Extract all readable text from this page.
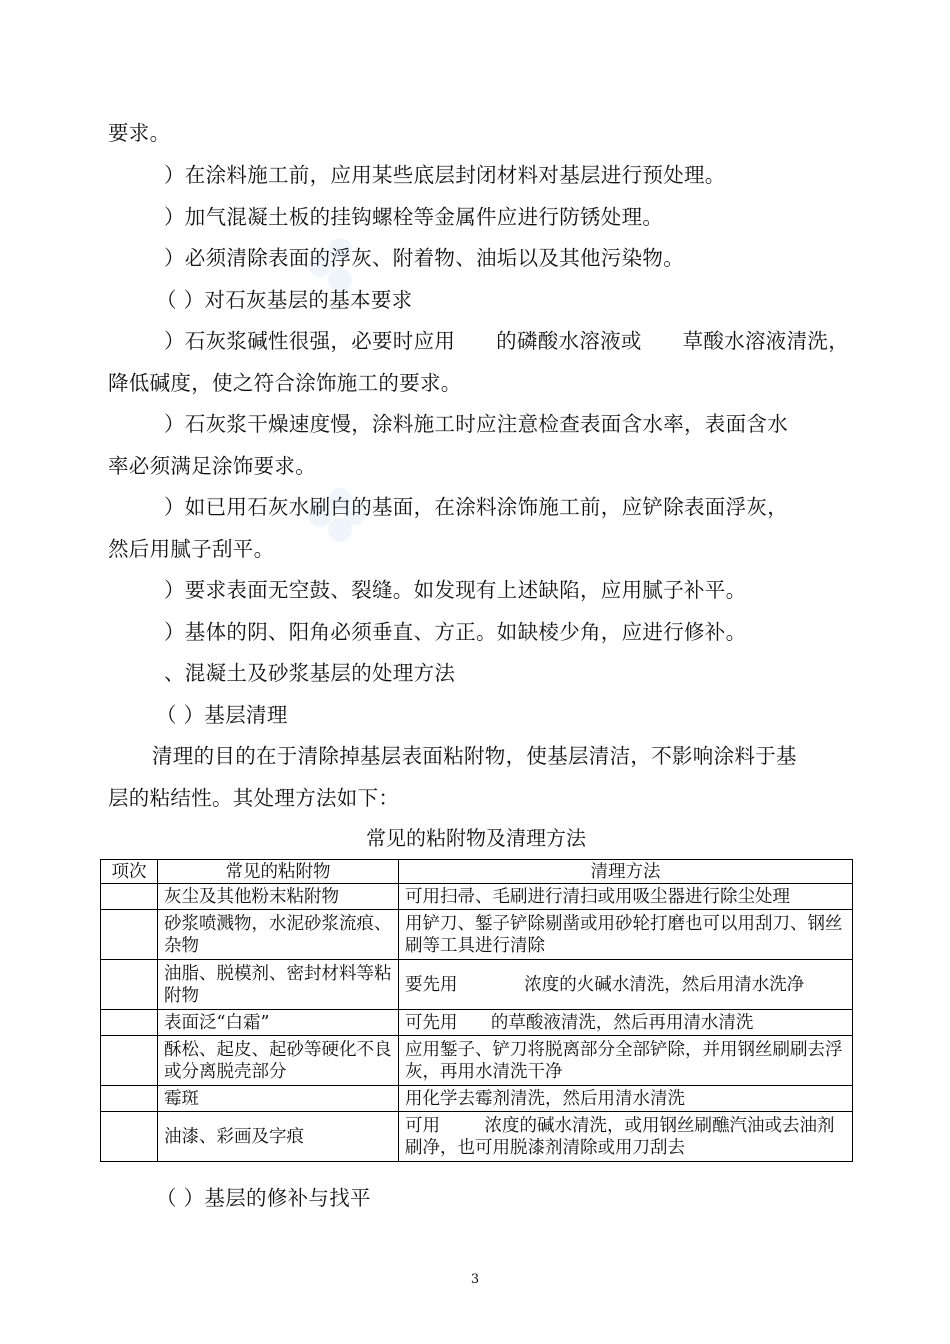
要求。
）在涂料施工前，应用某些底层封闭材料对基层进行预处理。
）加气混凝土板的挂钩螺栓等金属件应进行防锈处理。
）必须清除表面的浮灰、附着物、油垢以及其他污染物。
（ ）对石灰基层的基本要求
）石灰浆碱性很强，必要时应用      的磷酸水溶液或      草酸水溶液清洗，
降低碱度，使之符合涂饰施工的要求。
）石灰浆干燥速度慢，涂料施工时应注意检查表面含水率，表面含水
率必须满足涂饰要求。
）如已用石灰水刷白的基面，在涂料涂饰施工前，应铲除表面浮灰，
然后用腻子刮平。
）要求表面无空鼓、裂缝。如发现有上述缺陷，应用腻子补平。
）基体的阴、阳角必须垂直、方正。如缺棱少角，应进行修补。
、混凝土及砂浆基层的处理方法
（ ）基层清理
清理的目的在于清除掉基层表面粘附物，使基层清洁，不影响涂料于基
层的粘结性。其处理方法如下：
常见的粘附物及清理方法
项次	常见的粘附物	清理方法
	灰尘及其他粉末粘附物	可用扫帚、毛刷进行清扫或用吸尘器进行除尘处理
	砂浆喷溅物，水泥砂浆流痕、杂物	用铲刀、錾子铲除剔凿或用砂轮打磨也可以用刮刀、钢丝刷等工具进行清除
	油脂、脱模剂、密封材料等粘附物	要先用            浓度的火碱水清洗，然后用清水洗净
	表面泛“白霜”	可先用      的草酸液清洗，然后再用清水清洗
	酥松、起皮、起砂等硬化不良或分离脱壳部分	应用錾子、铲刀将脱离部分全部铲除，并用钢丝刷刷去浮灰，再用水清洗干净
	霉斑	用化学去霉剂清洗，然后用清水清洗
	油漆、彩画及字痕	可用        浓度的碱水清洗，或用钢丝刷醮汽油或去油剂刷净，也可用脱漆剂清除或用刀刮去
（ ）基层的修补与找平
3
